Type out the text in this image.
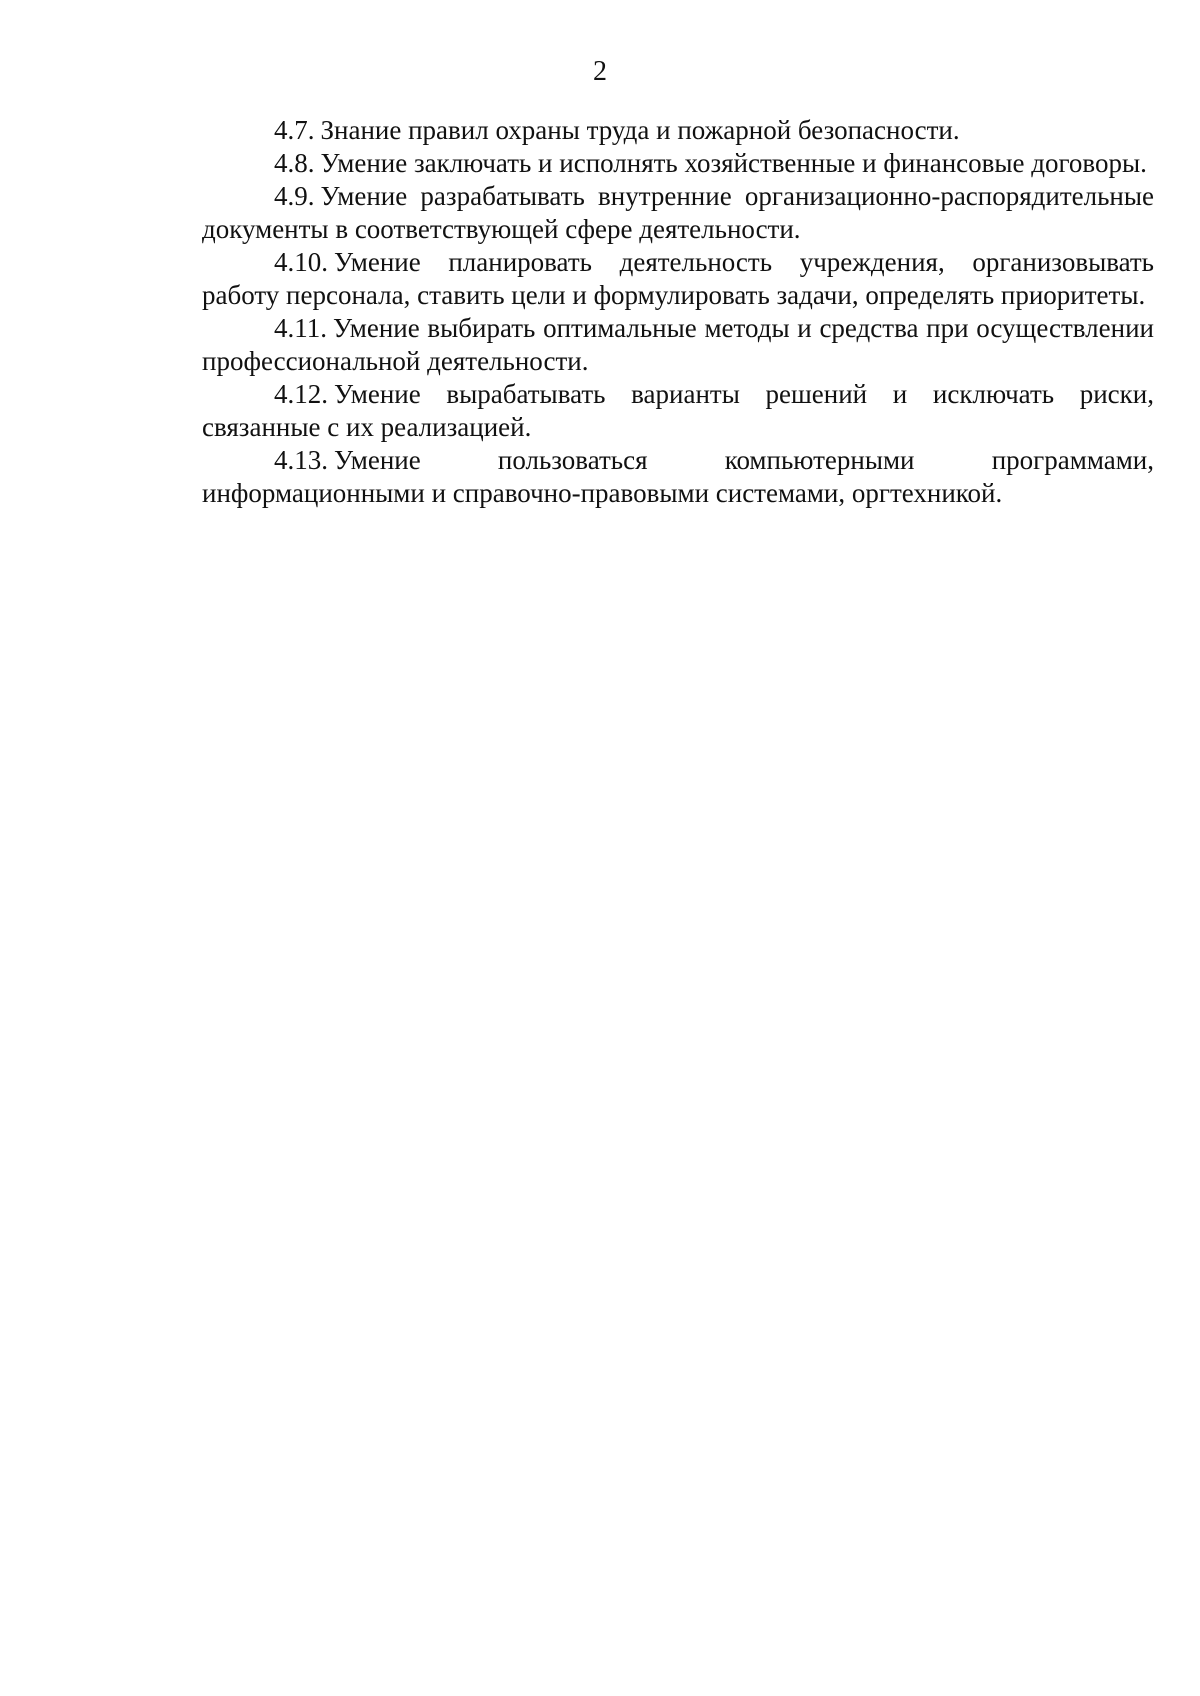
2

4.7. Знание правил охраны труда и пожарной безопасности.

4.8. Умение заключать и исполнять хозяйственные и финансовые договоры.

4.9. Умение разрабатывать внутренние организационно-распорядительные документы в соответствующей сфере деятельности.

4.10. Умение планировать деятельность учреждения, организовывать работу персонала, ставить цели и формулировать задачи, определять приоритеты.

4.11. Умение выбирать оптимальные методы и средства при осуществлении профессиональной деятельности.

4.12. Умение вырабатывать варианты решений и исключать риски, связанные с их реализацией.

4.13. Умение пользоваться компьютерными программами, информационными и справочно-правовыми системами, оргтехникой.
